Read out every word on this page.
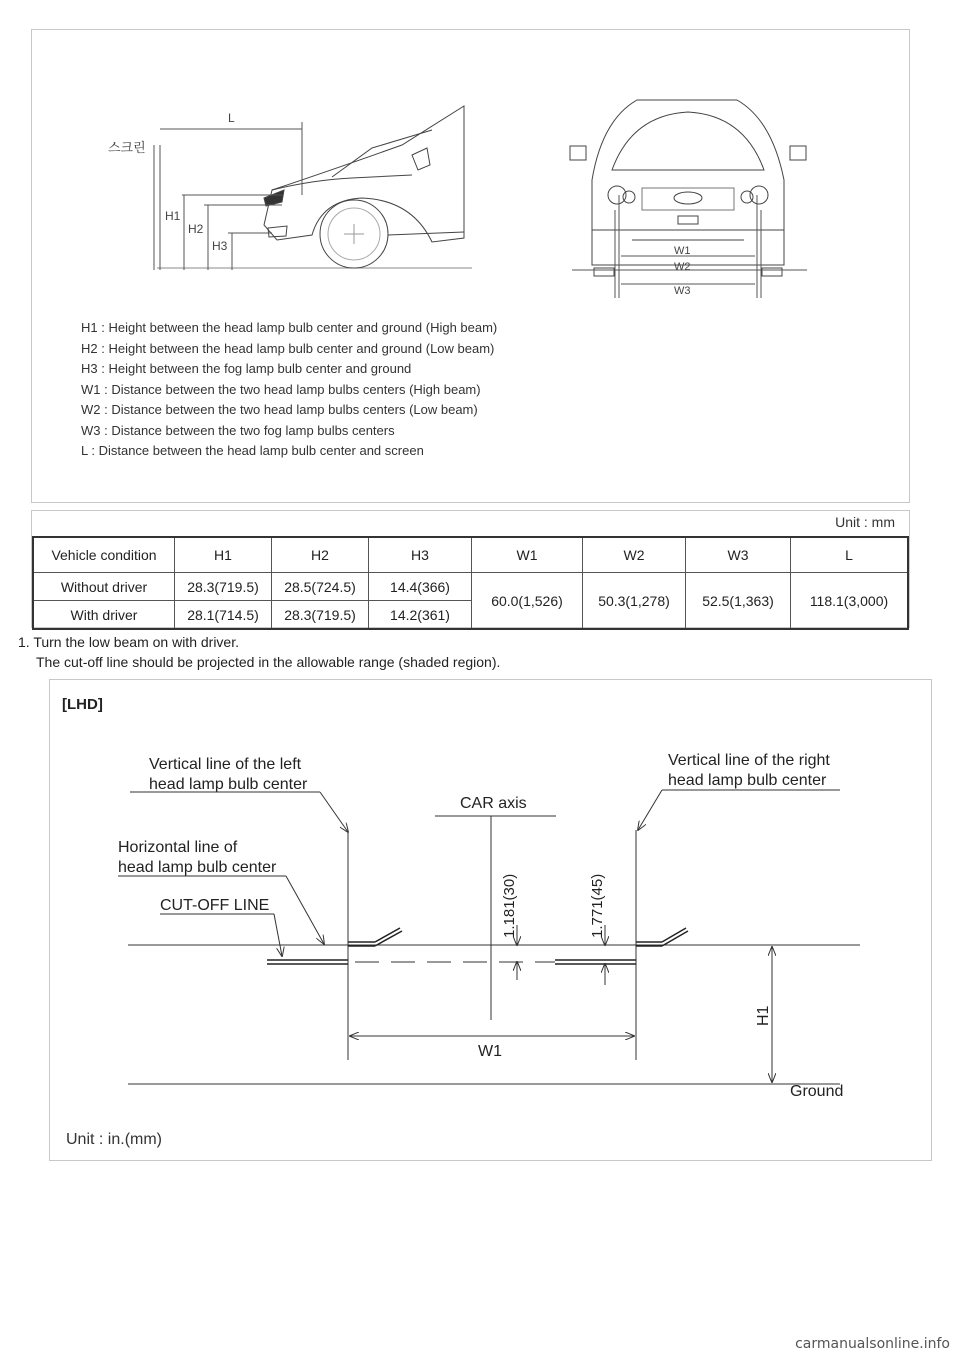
스크린
L
H1
H2
H3	W1
W2
W3
H1 : Height between the head lamp bulb center and ground (High beam)
H2 : Height between the head lamp bulb center and ground (Low beam)
H3 : Height between the fog lamp bulb center and ground
W1 : Distance between the two head lamp bulbs centers (High beam)
W2 : Distance between the two head lamp bulbs centers (Low beam)
W3 : Distance between the two fog lamp bulbs centers
L : Distance between the head lamp bulb center and screen
Unit : mm
Vehicle condition	H1	H2	H3	W1	W2	W3	L
Without driver	28.3(719.5)	28.5(724.5)	14.4(366)	60.0(1,526)	50.3(1,278)	52.5(1,363)	118.1(3,000)
With driver	28.1(714.5)	28.3(719.5)	14.2(361)				
1. Turn the low beam on with driver.
The cut-off line should be projected in the allowable range (shaded region).
[LHD]
Vertical line of the left
head lamp bulb center
Vertical line of the right
head lamp bulb center
CAR axis
Horizontal line of
head lamp bulb center
CUT-OFF LINE
Ground
Unit : in.(mm)
1.181(30)	1.771(45)
W1
H1
carmanualsonline.info
